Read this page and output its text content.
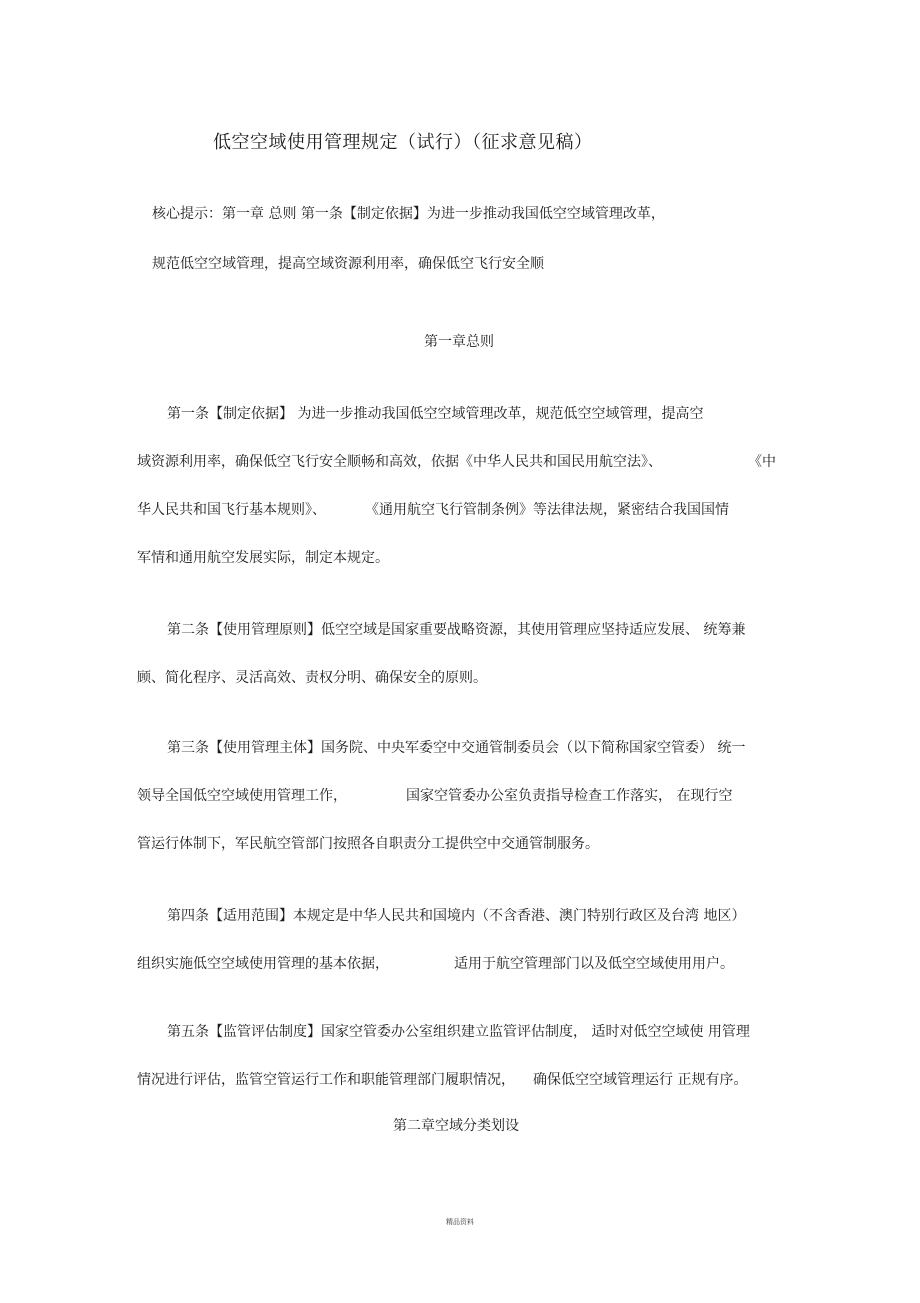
低空空域使用管理规定（试行）（征求意见稿）
核心提示：第一章 总则 第一条【制定依据】为进一步推动我国低空空域管理改革，
规范低空空域管理，提高空域资源利用率，确保低空飞行安全顺
第一章总则
第一条【制定依据】 为进一步推动我国低空空域管理改革，规范低空空域管理，提高空
域资源利用率，确保低空飞行安全顺畅和高效，依据《中华人民共和国民用航空法》、	《中
华人民共和国飞行基本规则》、	《通用航空飞行管制条例》等法律法规，紧密结合我国国情
军情和通用航空发展实际，制定本规定。
第二条【使用管理原则】低空空域是国家重要战略资源，其使用管理应坚持适应发展、 统筹兼
顾、简化程序、灵活高效、责权分明、确保安全的原则。
第三条【使用管理主体】国务院、中央军委空中交通管制委员会（以下简称国家空管委） 统一
领导全国低空空域使用管理工作，	国家空管委办公室负责指导检查工作落实， 在现行空
管运行体制下，军民航空管部门按照各自职责分工提供空中交通管制服务。
第四条【适用范围】本规定是中华人民共和国境内（不含香港、澳门特别行政区及台湾 地区）
组织实施低空空域使用管理的基本依据，	适用于航空管理部门以及低空空域使用用户。
第五条【监管评估制度】国家空管委办公室组织建立监管评估制度， 适时对低空空域使 用管理
情况进行评估，监管空管运行工作和职能管理部门履职情况， 确保低空空域管理运行 正规有序。
第二章空域分类划设
精品资料
